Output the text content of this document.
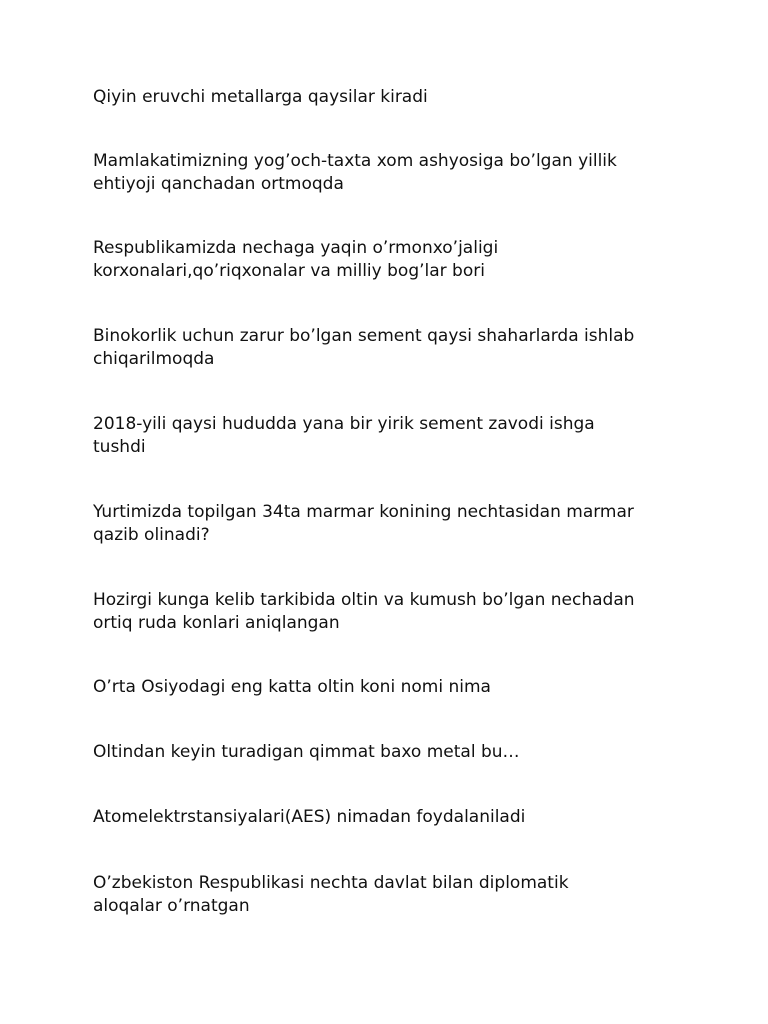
Qiyin eruvchi metallarga qaysilar kiradi

Mamlakatimizning yog’och-taxta xom ashyosiga bo’lgan yillik
ehtiyoji qanchadan ortmoqda

Respublikamizda nechaga yaqin o’rmonxo’jaligi
korxonalari,qo’riqxonalar va milliy bog’lar bori

Binokorlik uchun zarur bo’lgan sement qaysi shaharlarda ishlab
chiqarilmoqda

2018-yili qaysi hududda yana bir yirik sement zavodi ishga
tushdi

Yurtimizda topilgan 34ta marmar konining nechtasidan marmar
qazib olinadi?

Hozirgi kunga kelib tarkibida oltin va kumush bo’lgan nechadan
ortiq ruda konlari aniqlangan

O’rta Osiyodagi eng katta oltin koni nomi nima

Oltindan keyin turadigan qimmat baxo metal bu…

Atomelektrstansiyalari(AES) nimadan foydalaniladi

O’zbekiston Respublikasi nechta davlat bilan diplomatik
aloqalar o’rnatgan
